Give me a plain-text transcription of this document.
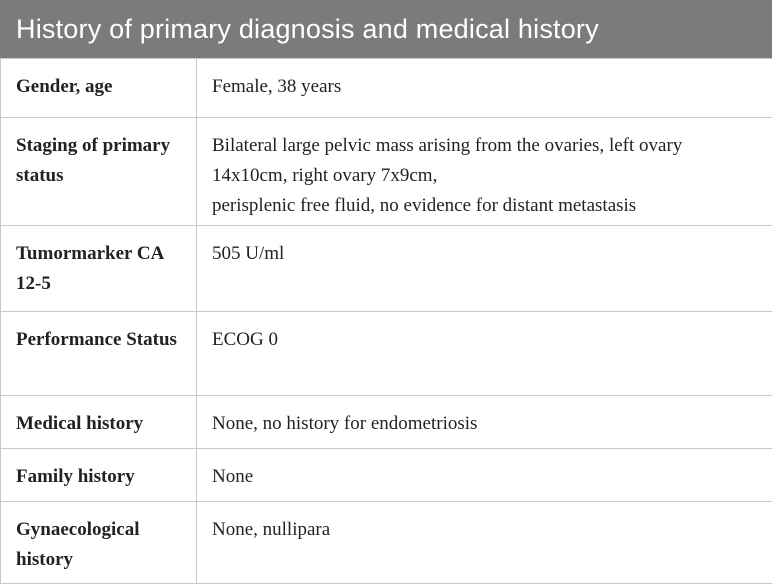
History of primary diagnosis and medical history
Gender, age	Female, 38 years

Staging of primary status	Bilateral large pelvic mass arising from the ovaries, left ovary 14x10cm, right ovary 7x9cm,
perisplenic free fluid, no evidence for distant metastasis

Tumormarker CA 12-5	505 U/ml

Performance Status	ECOG 0

Medical history	None, no history for endometriosis

Family history	None

Gynaecological history	None, nullipara
